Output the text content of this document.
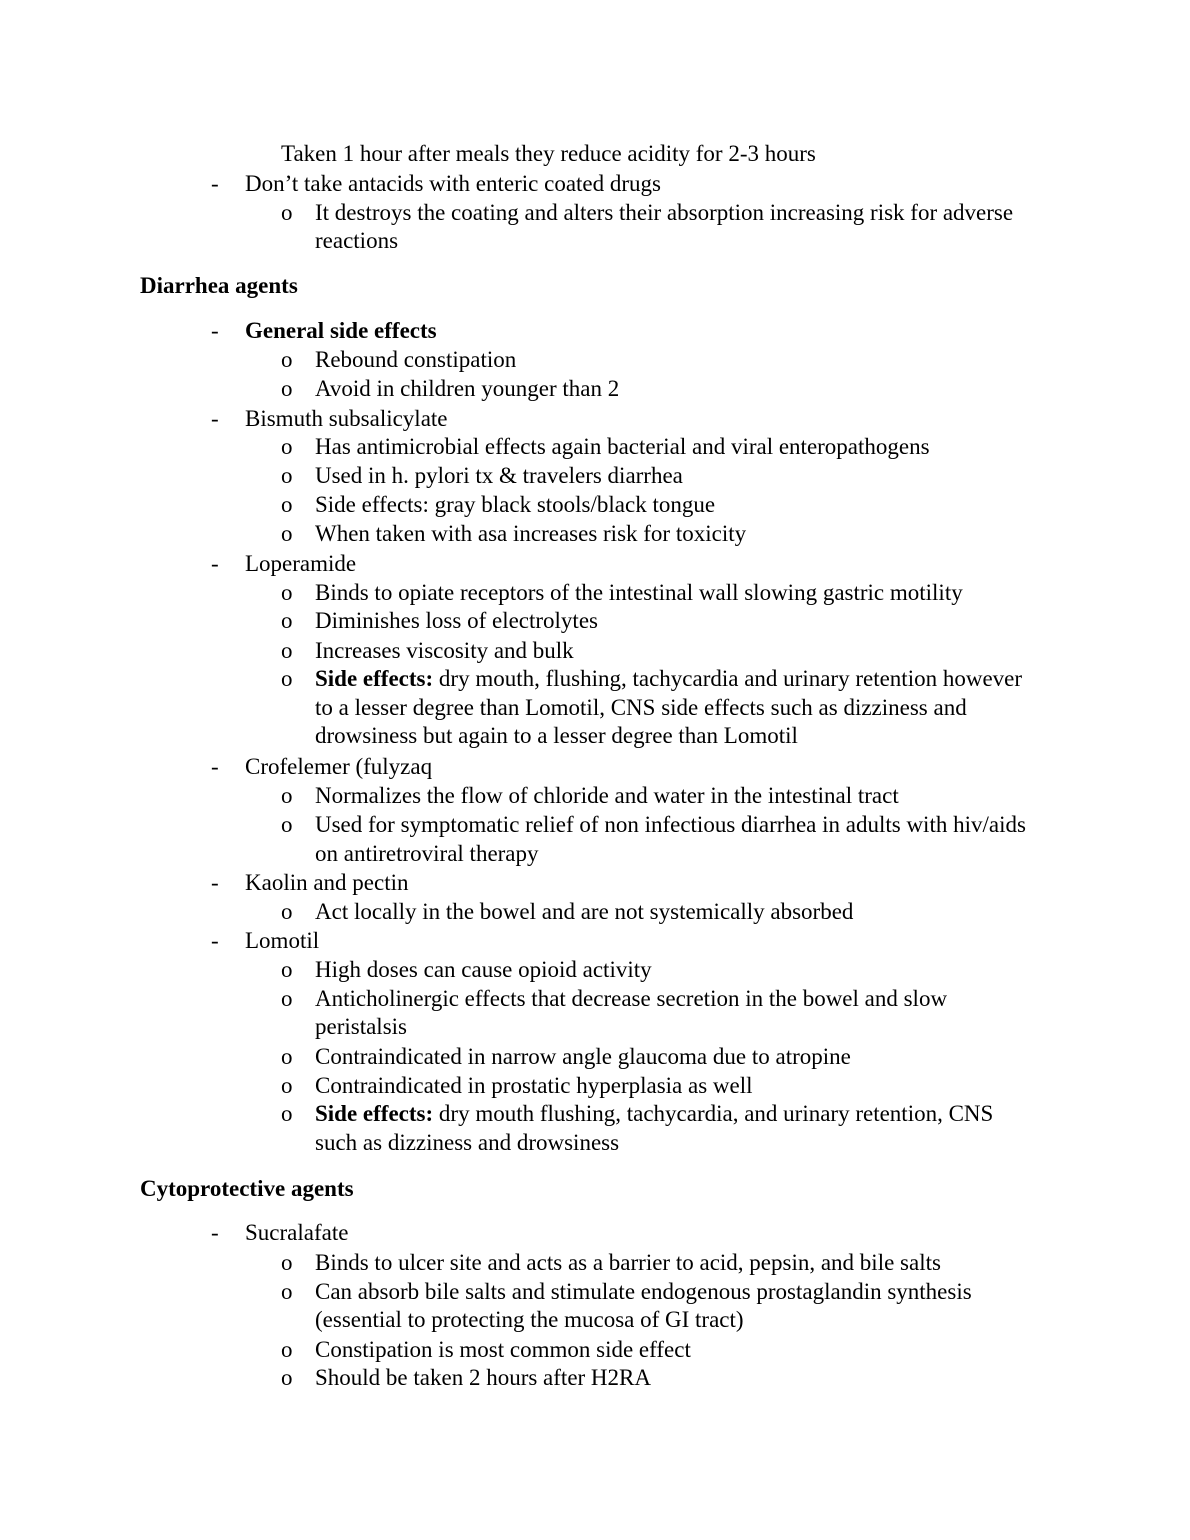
Taken 1 hour after meals they reduce acidity for 2-3 hours
- Don’t take antacids with enteric coated drugs
o It destroys the coating and alters their absorption increasing risk for adverse
reactions
Diarrhea agents
- General side effects
o Rebound constipation
o Avoid in children younger than 2
- Bismuth subsalicylate
o Has antimicrobial effects again bacterial and viral enteropathogens
o Used in h. pylori tx & travelers diarrhea
o Side effects: gray black stools/black tongue
o When taken with asa increases risk for toxicity
- Loperamide
o Binds to opiate receptors of the intestinal wall slowing gastric motility
o Diminishes loss of electrolytes
o Increases viscosity and bulk
o Side effects: dry mouth, flushing, tachycardia and urinary retention however
to a lesser degree than Lomotil, CNS side effects such as dizziness and
drowsiness but again to a lesser degree than Lomotil
- Crofelemer (fulyzaq
o Normalizes the flow of chloride and water in the intestinal tract
o Used for symptomatic relief of non infectious diarrhea in adults with hiv/aids
on antiretroviral therapy
- Kaolin and pectin
o Act locally in the bowel and are not systemically absorbed
- Lomotil
o High doses can cause opioid activity
o Anticholinergic effects that decrease secretion in the bowel and slow
peristalsis
o Contraindicated in narrow angle glaucoma due to atropine
o Contraindicated in prostatic hyperplasia as well
o Side effects: dry mouth flushing, tachycardia, and urinary retention, CNS
such as dizziness and drowsiness
Cytoprotective agents
- Sucralafate
o Binds to ulcer site and acts as a barrier to acid, pepsin, and bile salts
o Can absorb bile salts and stimulate endogenous prostaglandin synthesis
(essential to protecting the mucosa of GI tract)
o Constipation is most common side effect
o Should be taken 2 hours after H2RA
